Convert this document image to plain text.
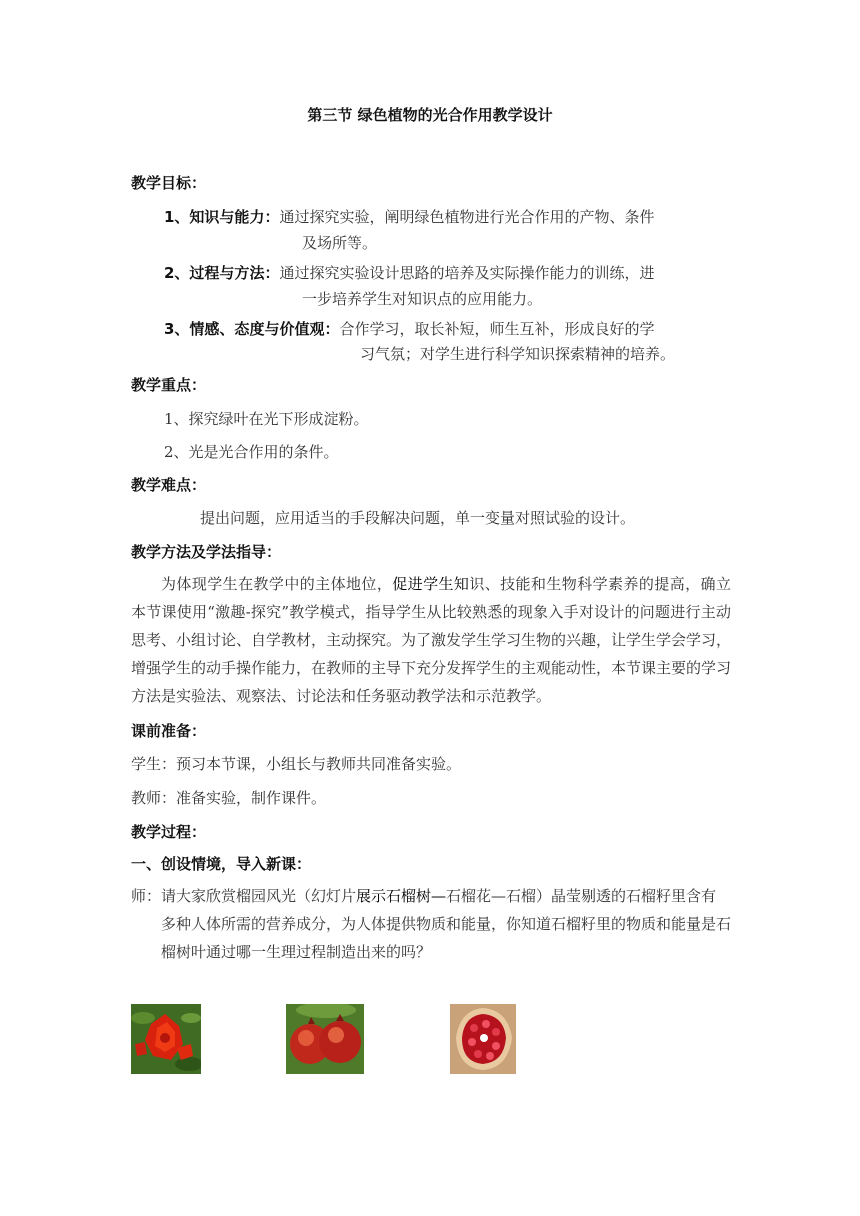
第三节 绿色植物的光合作用教学设计
教学目标：
1、知识与能力：通过探究实验，阐明绿色植物进行光合作用的产物、条件
及场所等。
2、过程与方法：通过探究实验设计思路的培养及实际操作能力的训练，进
一步培养学生对知识点的应用能力。
3、情感、态度与价值观：合作学习，取长补短，师生互补，形成良好的学
习气氛；对学生进行科学知识探索精神的培养。
教学重点：
1、探究绿叶在光下形成淀粉。
2、光是光合作用的条件。
教学难点：
提出问题，应用适当的手段解决问题，单一变量对照试验的设计。
教学方法及学法指导：
为体现学生在教学中的主体地位，促进学生知识、技能和生物科学素养的提高，确立本节课使用“激趣-探究”教学模式，指导学生从比较熟悉的现象入手对设计的问题进行主动思考、小组讨论、自学教材，主动探究。为了激发学生学习生物的兴趣，让学生学会学习，增强学生的动手操作能力，在教师的主导下充分发挥学生的主观能动性，本节课主要的学习方法是实验法、观察法、讨论法和任务驱动教学法和示范教学。
课前准备：
学生：预习本节课，小组长与教师共同准备实验。
教师：准备实验，制作课件。
教学过程：
一、创设情境，导入新课：
师：请大家欣赏榴园风光（幻灯片展示石榴树—石榴花—石榴）晶莹剔透的石榴籽里含有多种人体所需的营养成分，为人体提供物质和能量，你知道石榴籽里的物质和能量是石榴树叶通过哪一生理过程制造出来的吗？
